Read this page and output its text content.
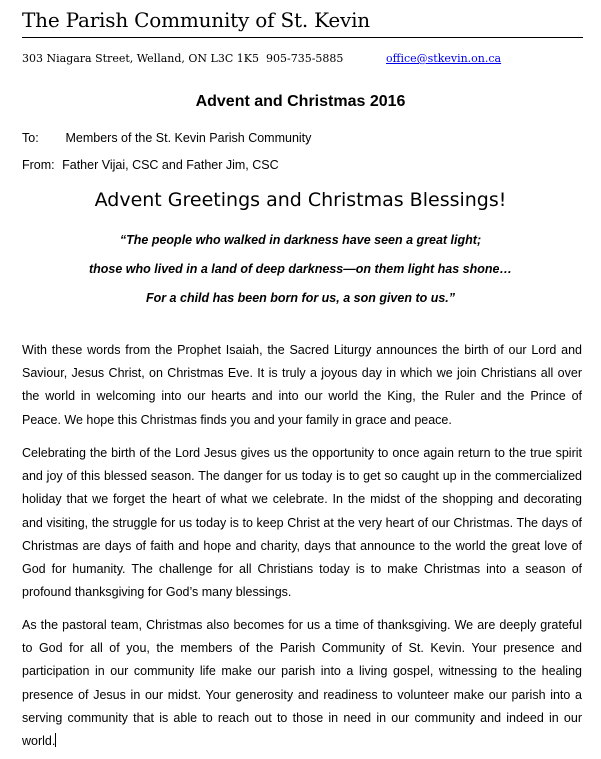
The Parish Community of St. Kevin
303 Niagara Street, Welland, ON L3C 1K5 905-735-5885	office@stkevin.on.ca
Advent and Christmas 2016
To: Members of the St. Kevin Parish Community
From: Father Vijai, CSC and Father Jim, CSC
Advent Greetings and Christmas Blessings!
“The people who walked in darkness have seen a great light;
those who lived in a land of deep darkness—on them light has shone…
For a child has been born for us, a son given to us.”
With these words from the Prophet Isaiah, the Sacred Liturgy announces the birth of our Lord and Saviour, Jesus Christ, on Christmas Eve. It is truly a joyous day in which we join Christians all over the world in welcoming into our hearts and into our world the King, the Ruler and the Prince of Peace. We hope this Christmas finds you and your family in grace and peace.
Celebrating the birth of the Lord Jesus gives us the opportunity to once again return to the true spirit and joy of this blessed season. The danger for us today is to get so caught up in the commercialized holiday that we forget the heart of what we celebrate. In the midst of the shopping and decorating and visiting, the struggle for us today is to keep Christ at the very heart of our Christmas. The days of Christmas are days of faith and hope and charity, days that announce to the world the great love of God for humanity. The challenge for all Christians today is to make Christmas into a season of profound thanksgiving for God’s many blessings.
As the pastoral team, Christmas also becomes for us a time of thanksgiving. We are deeply grateful to God for all of you, the members of the Parish Community of St. Kevin. Your presence and participation in our community life make our parish into a living gospel, witnessing to the healing presence of Jesus in our midst. Your generosity and readiness to volunteer make our parish into a serving community that is able to reach out to those in need in our community and indeed in our world.
